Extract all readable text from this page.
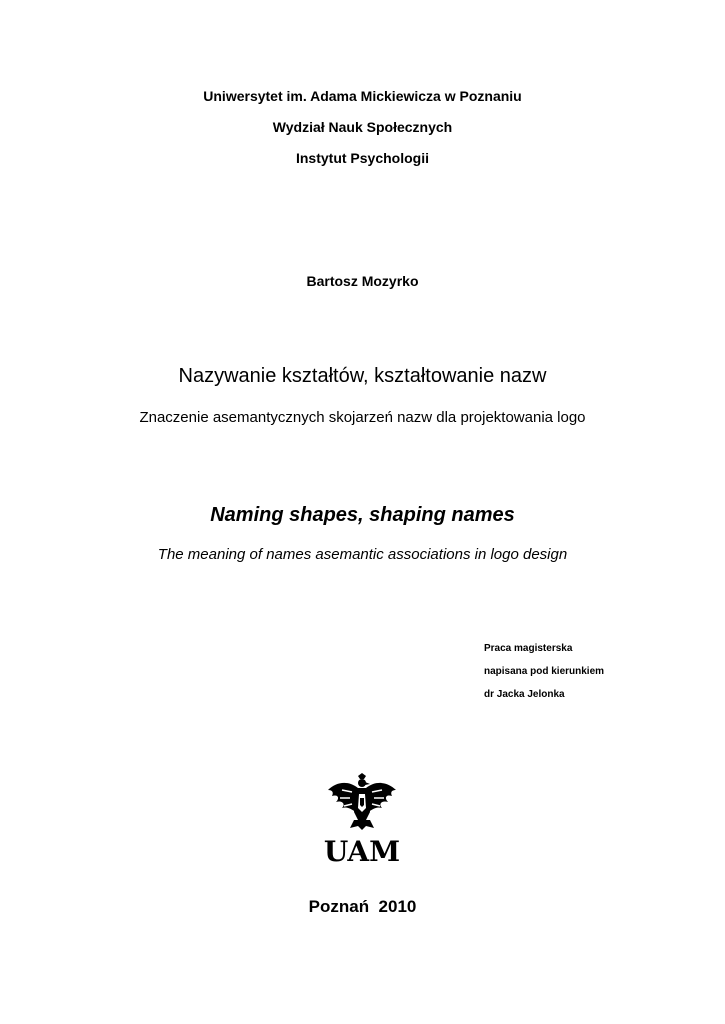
Uniwersytet im. Adama Mickiewicza w Poznaniu
Wydział Nauk Społecznych
Instytut Psychologii
Bartosz Mozyrko
Nazywanie kształtów, kształtowanie nazw
Znaczenie asemantycznych skojarzeń nazw dla projektowania logo
Naming shapes, shaping names
The meaning of names asemantic associations in logo design
Praca magisterska
napisana pod kierunkiem
dr Jacka Jelonka
UAM
Poznań  2010
